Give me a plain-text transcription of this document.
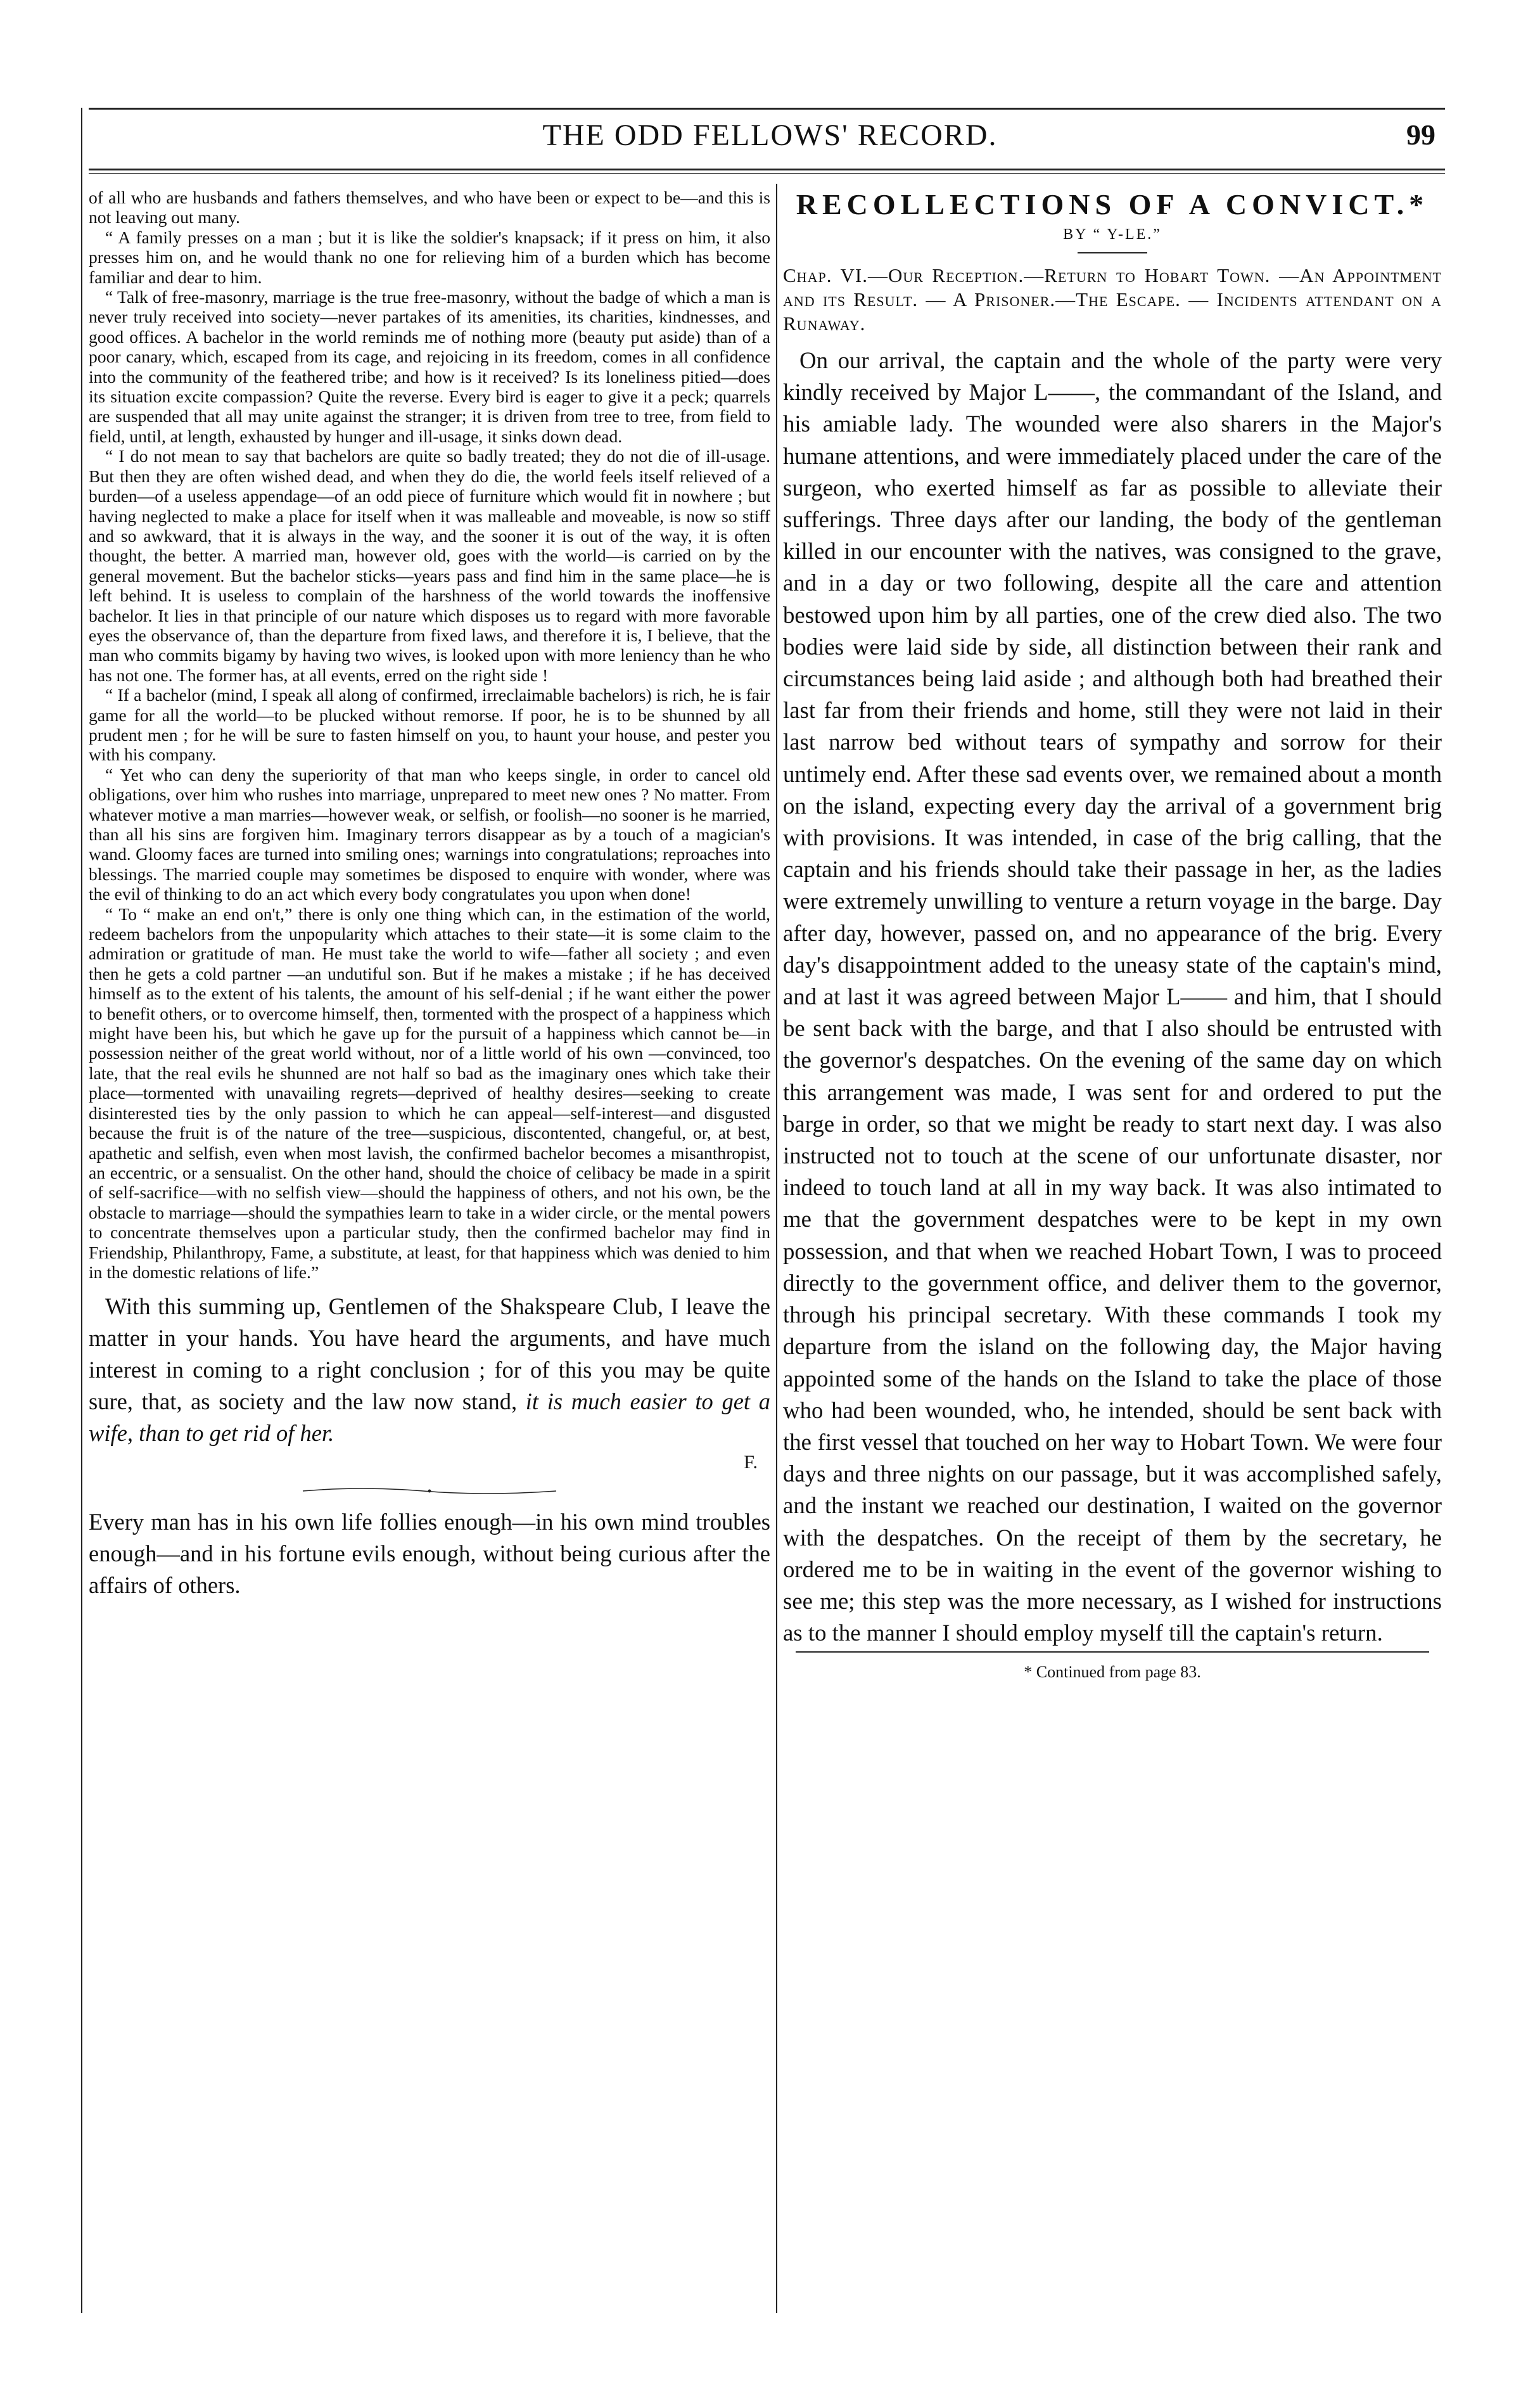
THE ODD FELLOWS' RECORD.	99

of all who are husbands and fathers themselves, and who have been or expect to be—and this is not leaving out many.

“ A family presses on a man ; but it is like the soldier's knapsack; if it press on him, it also presses him on, and he would thank no one for relieving him of a burden which has become familiar and dear to him.

“ Talk of free-masonry, marriage is the true free-masonry, without the badge of which a man is never truly received into society—never partakes of its amenities, its charities, kindnesses, and good offices. A bachelor in the world reminds me of nothing more (beauty put aside) than of a poor canary, which, escaped from its cage, and rejoicing in its freedom, comes in all confidence into the community of the feathered tribe; and how is it received? Is its loneliness pitied—does its situation excite compassion? Quite the reverse. Every bird is eager to give it a peck; quarrels are suspended that all may unite against the stranger; it is driven from tree to tree, from field to field, until, at length, exhausted by hunger and ill-usage, it sinks down dead.

“ I do not mean to say that bachelors are quite so badly treated; they do not die of ill-usage. But then they are often wished dead, and when they do die, the world feels itself relieved of a burden—of a useless appendage—of an odd piece of furniture which would fit in nowhere ; but having neglected to make a place for itself when it was malleable and moveable, is now so stiff and so awkward, that it is always in the way, and the sooner it is out of the way, it is often thought, the better. A married man, however old, goes with the world—is carried on by the general movement. But the bachelor sticks—years pass and find him in the same place—he is left behind. It is useless to complain of the harshness of the world towards the inoffensive bachelor. It lies in that principle of our nature which disposes us to regard with more favorable eyes the observance of, than the departure from fixed laws, and therefore it is, I believe, that the man who commits bigamy by having two wives, is looked upon with more leniency than he who has not one. The former has, at all events, erred on the right side !

“ If a bachelor (mind, I speak all along of confirmed, irreclaimable bachelors) is rich, he is fair game for all the world—to be plucked without remorse. If poor, he is to be shunned by all prudent men ; for he will be sure to fasten himself on you, to haunt your house, and pester you with his company.

“ Yet who can deny the superiority of that man who keeps single, in order to cancel old obligations, over him who rushes into marriage, unprepared to meet new ones ? No matter. From whatever motive a man marries—however weak, or selfish, or foolish—no sooner is he married, than all his sins are forgiven him. Imaginary terrors disappear as by a touch of a magician's wand. Gloomy faces are turned into smiling ones; warnings into congratulations; reproaches into blessings. The married couple may sometimes be disposed to enquire with wonder, where was the evil of thinking to do an act which every body congratulates you upon when done!

“ To “ make an end on't,” there is only one thing which can, in the estimation of the world, redeem bachelors from the unpopularity which attaches to their state—it is some claim to the admiration or gratitude of man. He must take the world to wife—father all society ; and even then he gets a cold partner —an undutiful son. But if he makes a mistake ; if he has deceived himself as to the extent of his talents, the amount of his self-denial ; if he want either the power to benefit others, or to overcome himself, then, tormented with the prospect of a happiness which might have been his, but which he gave up for the pursuit of a happiness which cannot be—in possession neither of the great world without, nor of a little world of his own —convinced, too late, that the real evils he shunned are not half so bad as the imaginary ones which take their place—tormented with unavailing regrets—deprived of healthy desires—seeking to create disinterested ties by the only passion to which he can appeal—self-interest—and disgusted because the fruit is of the nature of the tree—suspicious, discontented, changeful, or, at best, apathetic and selfish, even when most lavish, the confirmed bachelor becomes a misanthropist, an eccentric, or a sensualist. On the other hand, should the choice of celibacy be made in a spirit of self-sacrifice—with no selfish view—should the happiness of others, and not his own, be the obstacle to marriage—should the sympathies learn to take in a wider circle, or the mental powers to concentrate themselves upon a particular study, then the confirmed bachelor may find in Friendship, Philanthropy, Fame, a substitute, at least, for that happiness which was denied to him in the domestic relations of life.”

With this summing up, Gentlemen of the Shakspeare Club, I leave the matter in your hands. You have heard the arguments, and have much interest in coming to a right conclusion ; for of this you may be quite sure, that, as society and the law now stand, it is much easier to get a wife, than to get rid of her.

F.

Every man has in his own life follies enough—in his own mind troubles enough—and in his fortune evils enough, without being curious after the affairs of others.

RECOLLECTIONS OF A CONVICT.*
BY “ Y-LE.”

Chap. VI.—Our Reception.—Return to Hobart Town. —An Appointment and its Result. — A Prisoner.—The Escape. — Incidents attendant on a Runaway.

On our arrival, the captain and the whole of the party were very kindly received by Major L——, the commandant of the Island, and his amiable lady. The wounded were also sharers in the Major's humane attentions, and were immediately placed under the care of the surgeon, who exerted himself as far as possible to alleviate their sufferings. Three days after our landing, the body of the gentleman killed in our encounter with the natives, was consigned to the grave, and in a day or two following, despite all the care and attention bestowed upon him by all parties, one of the crew died also. The two bodies were laid side by side, all distinction between their rank and circumstances being laid aside ; and although both had breathed their last far from their friends and home, still they were not laid in their last narrow bed without tears of sympathy and sorrow for their untimely end. After these sad events over, we remained about a month on the island, expecting every day the arrival of a government brig with provisions. It was intended, in case of the brig calling, that the captain and his friends should take their passage in her, as the ladies were extremely unwilling to venture a return voyage in the barge. Day after day, however, passed on, and no appearance of the brig. Every day's disappointment added to the uneasy state of the captain's mind, and at last it was agreed between Major L—— and him, that I should be sent back with the barge, and that I also should be entrusted with the governor's despatches. On the evening of the same day on which this arrangement was made, I was sent for and ordered to put the barge in order, so that we might be ready to start next day. I was also instructed not to touch at the scene of our unfortunate disaster, nor indeed to touch land at all in my way back. It was also intimated to me that the government despatches were to be kept in my own possession, and that when we reached Hobart Town, I was to proceed directly to the government office, and deliver them to the governor, through his principal secretary. With these commands I took my departure from the island on the following day, the Major having appointed some of the hands on the Island to take the place of those who had been wounded, who, he intended, should be sent back with the first vessel that touched on her way to Hobart Town. We were four days and three nights on our passage, but it was accomplished safely, and the instant we reached our destination, I waited on the governor with the despatches. On the receipt of them by the secretary, he ordered me to be in waiting in the event of the governor wishing to see me; this step was the more necessary, as I wished for instructions as to the manner I should employ myself till the captain's return.

* Continued from page 83.
